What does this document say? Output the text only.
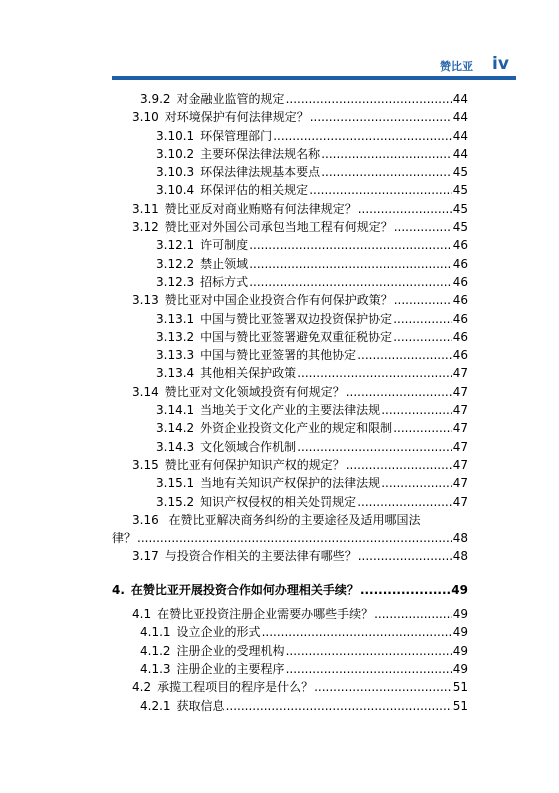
赞比亚 iv
3.9.2 对金融业监管的规定 .....	44
3.10 对环境保护有何法律规定？ .....	44
3.10.1 环保管理部门 .....	44
3.10.2 主要环保法律法规名称 .....	44
3.10.3 环保法律法规基本要点 .....	45
3.10.4 环保评估的相关规定 .....	45
3.11 赞比亚反对商业贿赂有何法律规定？ .....	45
3.12 赞比亚对外国公司承包当地工程有何规定？ .....	45
3.12.1 许可制度 .....	46
3.12.2 禁止领域 .....	46
3.12.3 招标方式 .....	46
3.13 赞比亚对中国企业投资合作有何保护政策？ .....	46
3.13.1 中国与赞比亚签署双边投资保护协定 .....	46
3.13.2 中国与赞比亚签署避免双重征税协定 .....	46
3.13.3 中国与赞比亚签署的其他协定 .....	46
3.13.4 其他相关保护政策 .....	47
3.14 赞比亚对文化领域投资有何规定？ .....	47
3.14.1 当地关于文化产业的主要法律法规 .....	47
3.14.2 外资企业投资文化产业的规定和限制 .....	47
3.14.3 文化领域合作机制 .....	47
3.15 赞比亚有何保护知识产权的规定？ .....	47
3.15.1 当地有关知识产权保护的法律法规 .....	47
3.15.2 知识产权侵权的相关处罚规定 .....	47
3.16 在赞比亚解决商务纠纷的主要途径及适用哪国法
律？ .....	48
3.17 与投资合作相关的主要法律有哪些？ .....	48
4. 在赞比亚开展投资合作如何办理相关手续？ .....	49
4.1 在赞比亚投资注册企业需要办哪些手续？ .....	49
4.1.1 设立企业的形式 .....	49
4.1.2 注册企业的受理机构 .....	49
4.1.3 注册企业的主要程序 .....	49
4.2 承揽工程项目的程序是什么？ .....	51
4.2.1 获取信息 .....	51
